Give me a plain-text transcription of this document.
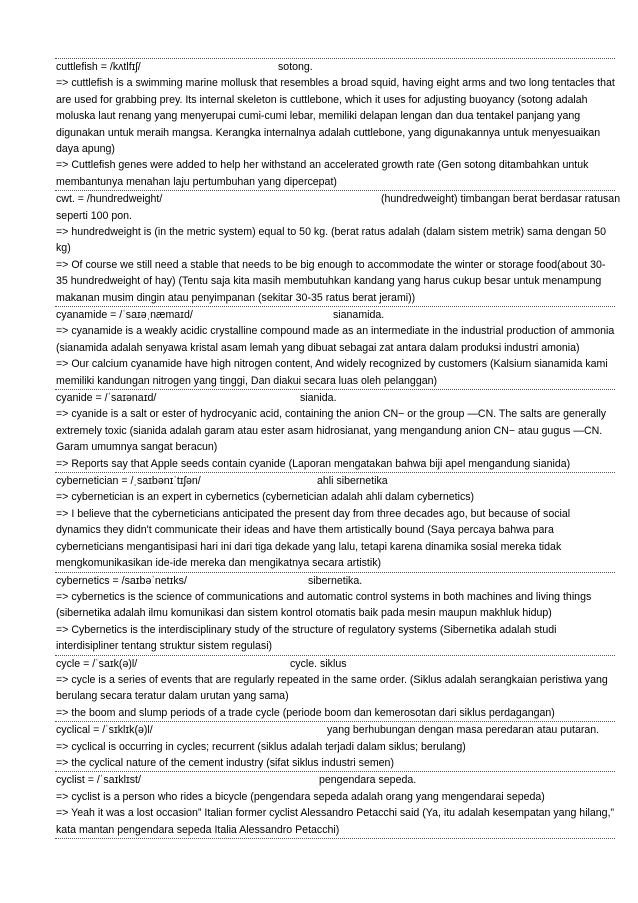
cuttlefish = /kʌtlfɪʃ/	sotong.
=> cuttlefish is a swimming marine mollusk that resembles a broad squid, having eight arms and two long tentacles that are used for grabbing prey. Its internal skeleton is cuttlebone, which it uses for adjusting buoyancy (sotong adalah moluska laut renang yang menyerupai cumi-cumi lebar, memiliki delapan lengan dan dua tentakel panjang yang digunakan untuk meraih mangsa. Kerangka internalnya adalah cuttlebone, yang digunakannya untuk menyesuaikan daya apung)
=> Cuttlefish genes were added to help her withstand an accelerated growth rate (Gen sotong ditambahkan untuk membantunya menahan laju pertumbuhan yang dipercepat)
cwt. = /hundredweight/	(hundredweight) timbangan berat berdasar ratusan
seperti 100 pon.
=> hundredweight is (in the metric system) equal to 50 kg. (berat ratus adalah (dalam sistem metrik) sama dengan 50 kg)
=> Of course we still need a stable that needs to be big enough to accommodate the winter or storage food(about 30-35 hundredweight of hay) (Tentu saja kita masih membutuhkan kandang yang harus cukup besar untuk menampung makanan musim dingin atau penyimpanan (sekitar 30-35 ratus berat jerami))
cyanamide = /ˈsaɪəˌnæmaɪd/	sianamida.
=> cyanamide is a weakly acidic crystalline compound made as an intermediate in the industrial production of ammonia (sianamida adalah senyawa kristal asam lemah yang dibuat sebagai zat antara dalam produksi industri amonia)
=> Our calcium cyanamide have high nitrogen content, And widely recognized by customers (Kalsium sianamida kami memiliki kandungan nitrogen yang tinggi, Dan diakui secara luas oleh pelanggan)
cyanide = /ˈsaɪənaɪd/	sianida.
=> cyanide is a salt or ester of hydrocyanic acid, containing the anion CN− or the group —CN. The salts are generally extremely toxic (sianida adalah garam atau ester asam hidrosianat, yang mengandung anion CN− atau gugus —CN. Garam umumnya sangat beracun)
=> Reports say that Apple seeds contain cyanide (Laporan mengatakan bahwa biji apel mengandung sianida)
cybernetician = /ˌsaɪbənɪˈtɪʃən/	ahli sibernetika
=> cybernetician is an expert in cybernetics (cybernetician adalah ahli dalam cybernetics)
=> I believe that the cyberneticians anticipated the present day from three decades ago, but because of social dynamics they didn't communicate their ideas and have them artistically bound (Saya percaya bahwa para cyberneticians mengantisipasi hari ini dari tiga dekade yang lalu, tetapi karena dinamika sosial mereka tidak mengkomunikasikan ide-ide mereka dan mengikatnya secara artistik)
cybernetics = /saɪbəˈnetɪks/	sibernetika.
=> cybernetics is the science of communications and automatic control systems in both machines and living things (sibernetika adalah ilmu komunikasi dan sistem kontrol otomatis baik pada mesin maupun makhluk hidup)
=> Cybernetics is the interdisciplinary study of the structure of regulatory systems (Sibernetika adalah studi interdisipliner tentang struktur sistem regulasi)
cycle = /ˈsaɪk(ə)l/	cycle. siklus
=> cycle is a series of events that are regularly repeated in the same order. (Siklus adalah serangkaian peristiwa yang berulang secara teratur dalam urutan yang sama)
=> the boom and slump periods of a trade cycle (periode boom dan kemerosotan dari siklus perdagangan)
cyclical = /ˈsɪklɪk(ə)l/	yang berhubungan dengan masa peredaran atau putaran.
=> cyclical is occurring in cycles; recurrent (siklus adalah terjadi dalam siklus; berulang)
=> the cyclical nature of the cement industry (sifat siklus industri semen)
cyclist = /ˈsaɪklɪst/	pengendara sepeda.
=> cyclist is a person who rides a bicycle (pengendara sepeda adalah orang yang mengendarai sepeda)
=> Yeah it was a lost occasion” Italian former cyclist Alessandro Petacchi said (Ya, itu adalah kesempatan yang hilang,” kata mantan pengendara sepeda Italia Alessandro Petacchi)
